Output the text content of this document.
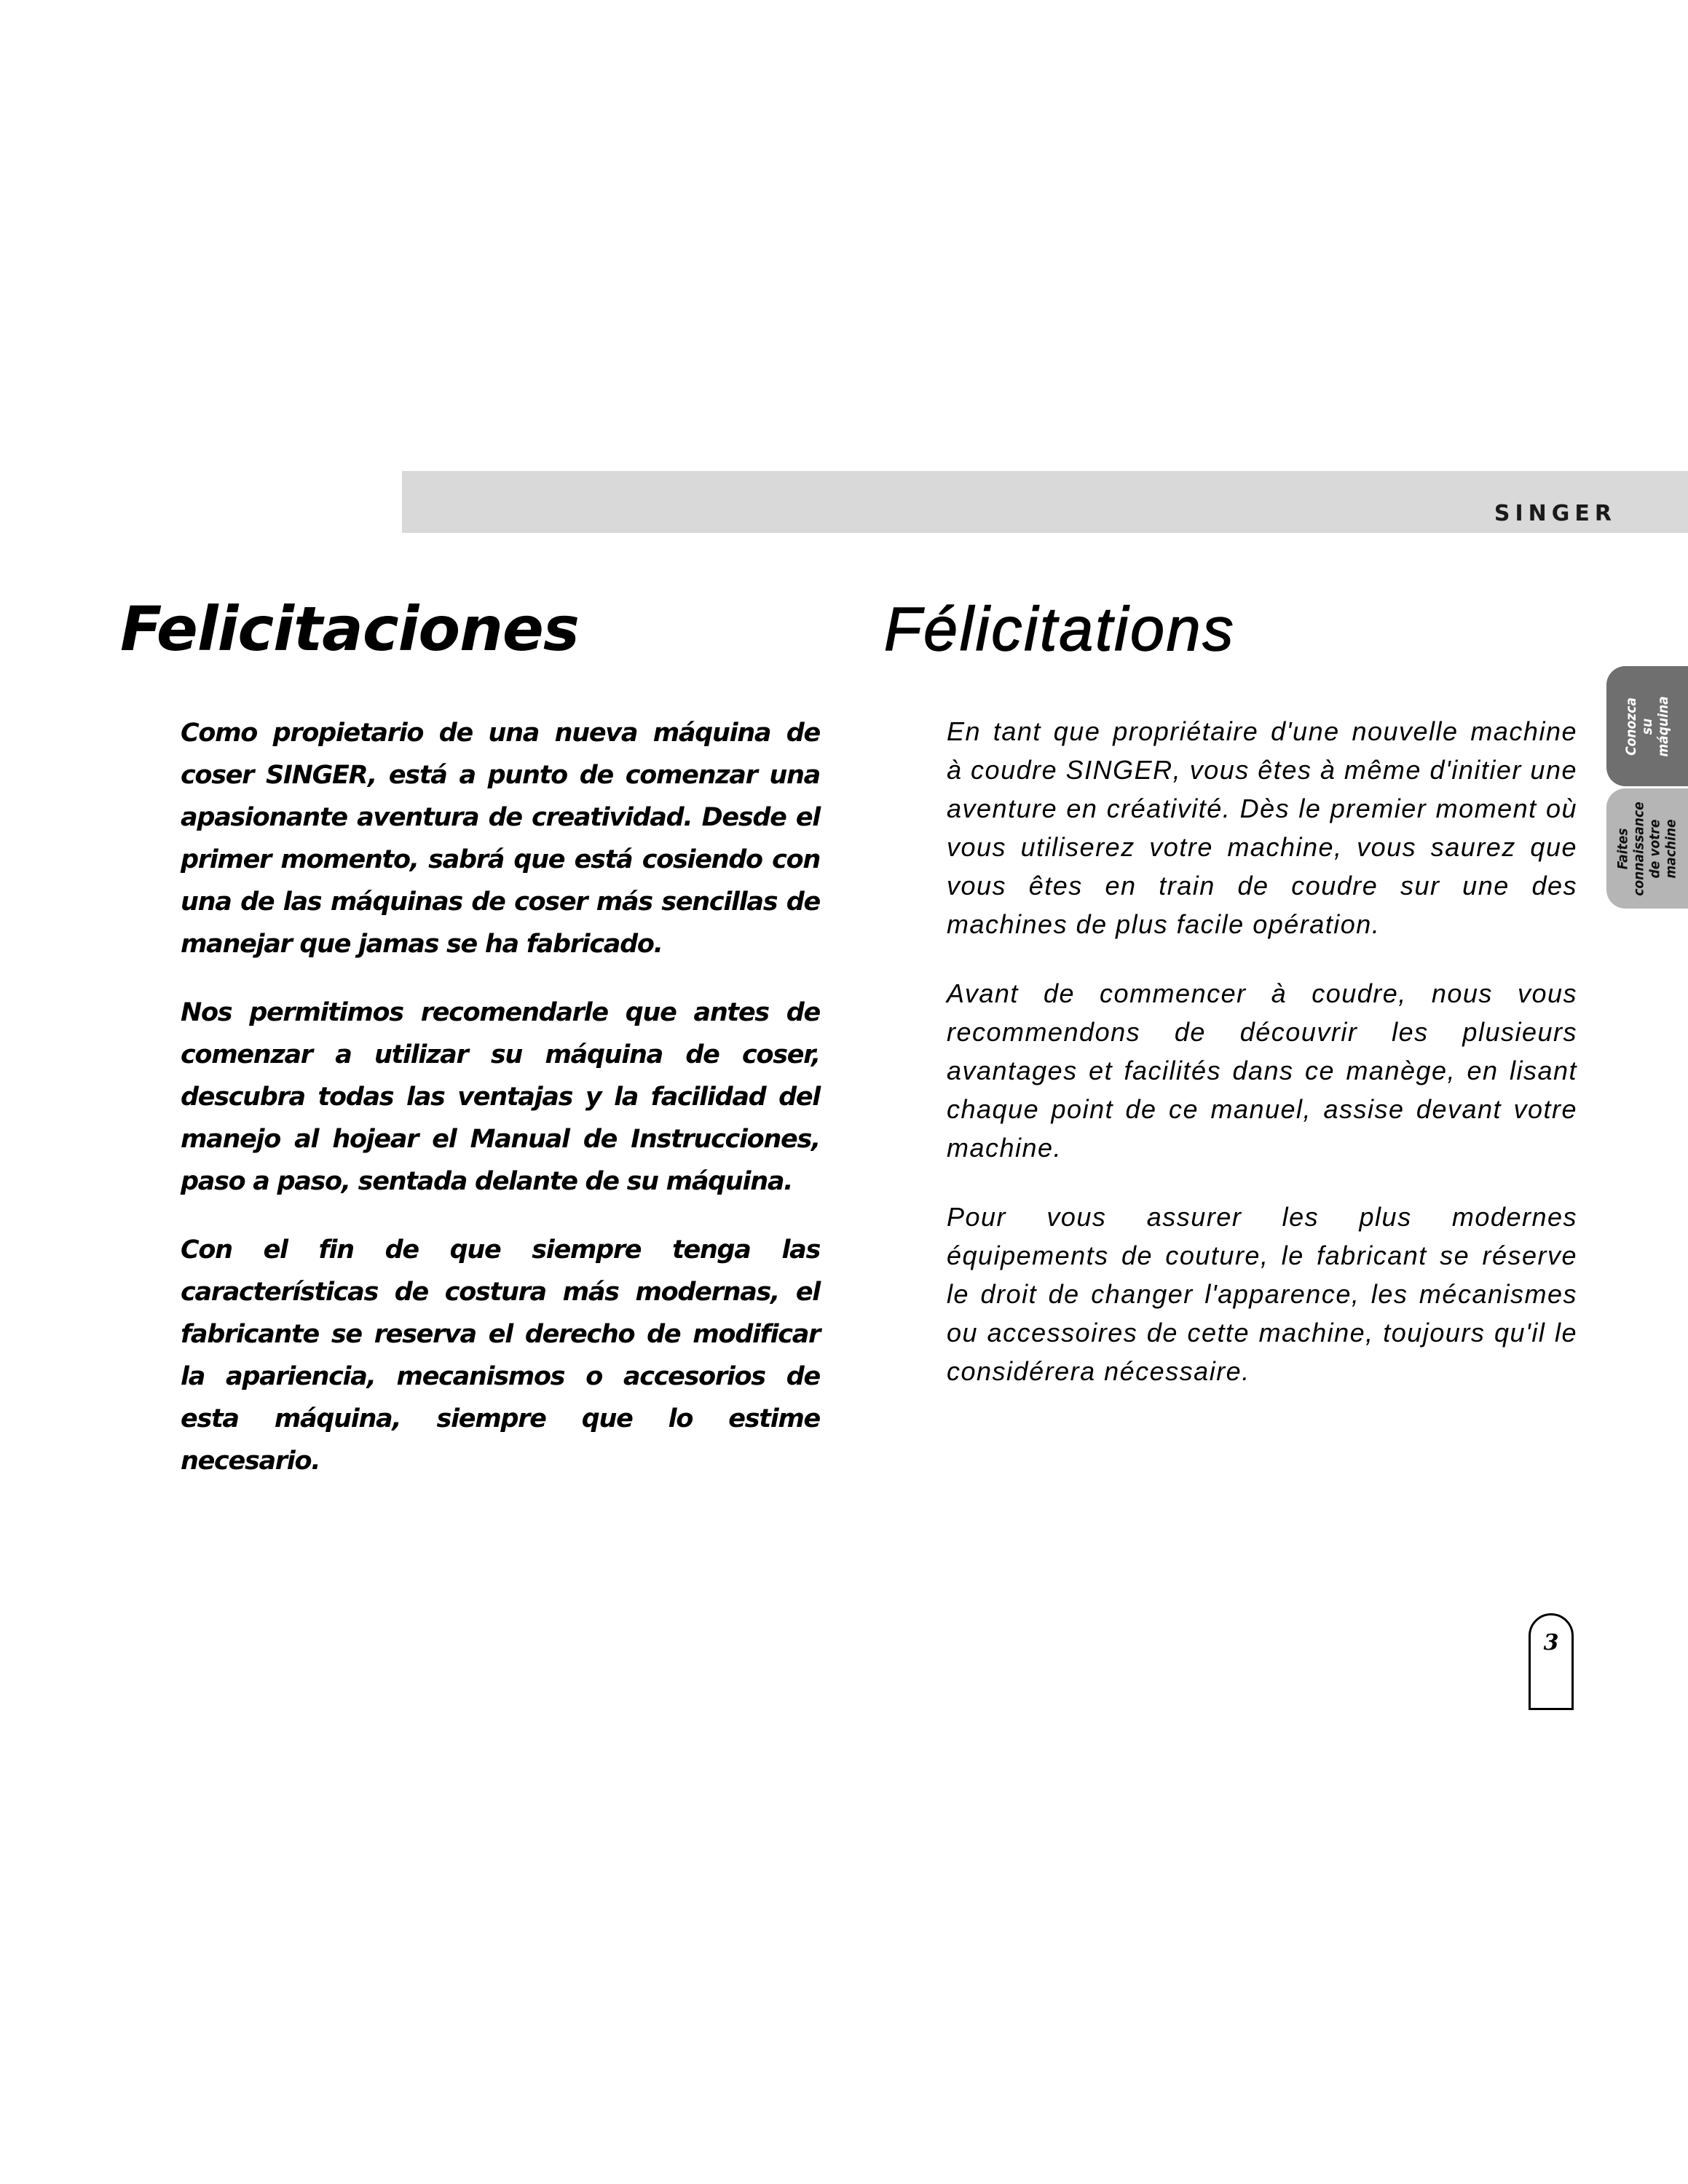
SINGER
Felicitaciones	Félicitations

Como propietario de una nueva máquina de coser SINGER, está a punto de comenzar una apasionante aventura de creatividad. Desde el primer momento, sabrá que está cosiendo con una de las máquinas de coser más sencillas de manejar que jamas se ha fabricado.

Nos permitimos recomendarle que antes de comenzar a utilizar su máquina de coser, descubra todas las ventajas y la facilidad del manejo al hojear el Manual de Instrucciones, paso a paso, sentada delante de su máquina.

Con el fin de que siempre tenga las características de costura más modernas, el fabricante se reserva el derecho de modificar la apariencia, mecanismos o accesorios de esta máquina, siempre que lo estime necesario.

En tant que propriétaire d'une nouvelle machine à coudre SINGER, vous êtes à même d'initier une aventure en créativité. Dès le premier moment où vous utiliserez votre machine, vous saurez que vous êtes en train de coudre sur une des machines de plus facile opération.

Avant de commencer à coudre, nous vous recommendons de découvrir les plusieurs avantages et facilités dans ce manège, en lisant chaque point de ce manuel, assise devant votre machine.

Pour vous assurer les plus modernes équipements de couture, le fabricant se réserve le droit de changer l'apparence, les mécanismes ou accessoires de cette machine, toujours qu'il le considérera nécessaire.

Conozca
su
máquina
Faites
connaissance
de votre
machine
3
